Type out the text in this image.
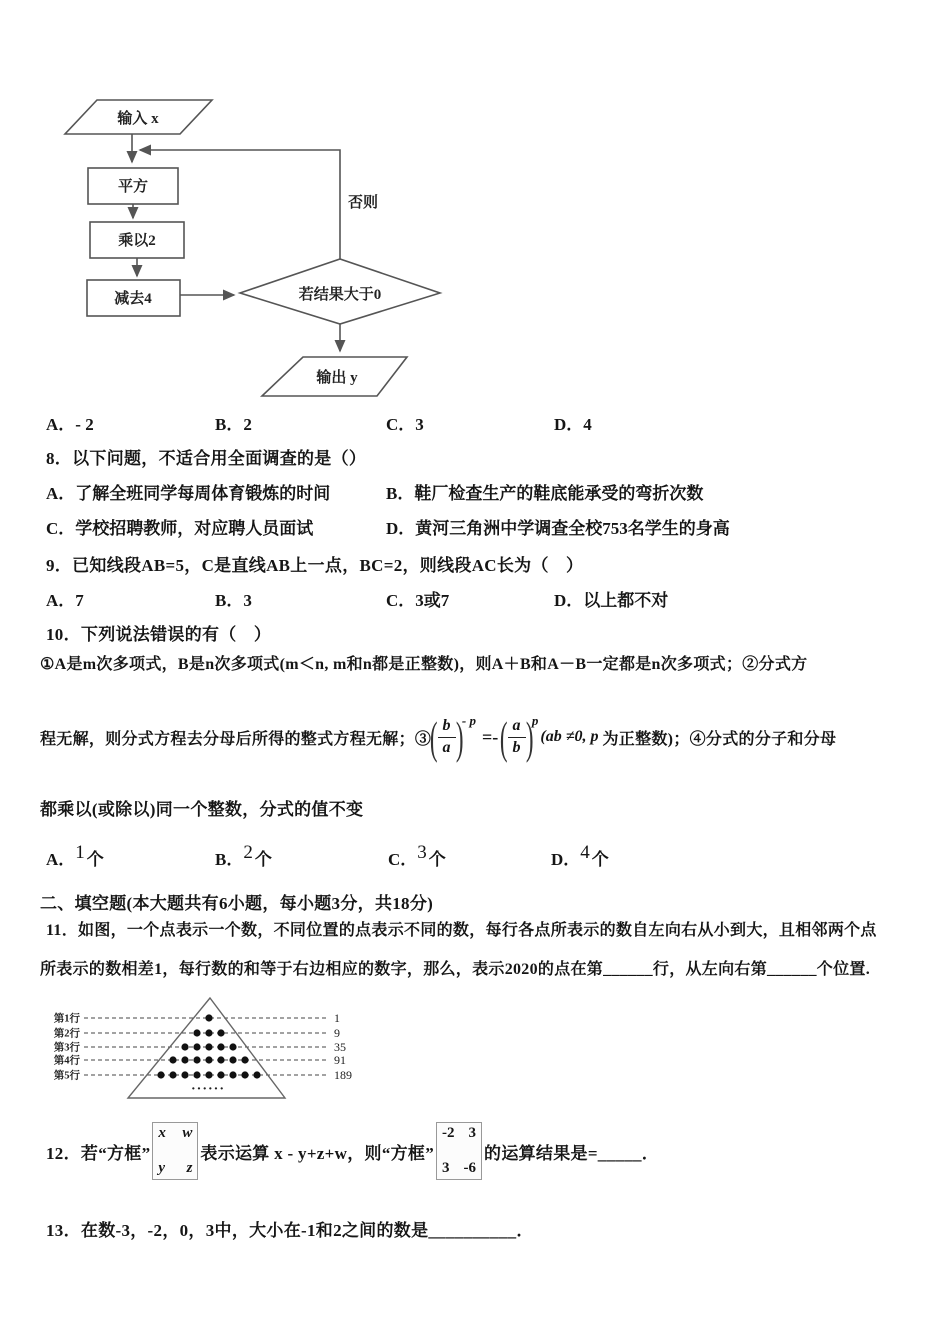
输入 x
平方
乘以2
减去4	若结果大于0
输出 y
否则
A．- 2	B．2	C．3	D．4
8．以下问题，不适合用全面调查的是（）
A．了解全班同学每周体育锻炼的时间	B．鞋厂检查生产的鞋底能承受的弯折次数
C．学校招聘教师，对应聘人员面试	D．黄河三角洲中学调查全校753名学生的身高
9．已知线段AB=5，C是直线AB上一点，BC=2，则线段AC长为（　）
A．7	B．3	C．3或7	D．以上都不对
10．下列说法错误的有（　）
①A是m次多项式，B是n次多项式(m＜n, m和n都是正整数)，则A＋B和A－B一定都是n次多项式；②分式方
程无解，则分式方程去分母后所得的整式方程无解；③
( $\frac{b}{a}$ )
- p
=- ( $\frac{a}{b}$ )
p
(ab ≠0, p 为正整数)；④分式的分子和分母
都乘以(或除以)同一个整数，分式的值不变
A．1 个	B．2 个	C．3 个	D．4 个
二、填空题(本大题共有6小题，每小题3分，共18分)
11．如图，一个点表示一个数，不同位置的点表示不同的数，每行各点所表示的数自左向右从小到大，且相邻两个点
所表示的数相差1，每行数的和等于右边相应的数字，那么，表示2020的点在第______行，从左向右第______个位置.
第1行
第2行
第3行
第4行
第5行
1
9
35
91
189
······
12．若“方框”
x w
y z
表示运算 x - y+z+w，则“方框”
-2 3
3 -6
的运算结果是=_____．
13．在数-3，-2，0，3中，大小在-1和2之间的数是__________．
